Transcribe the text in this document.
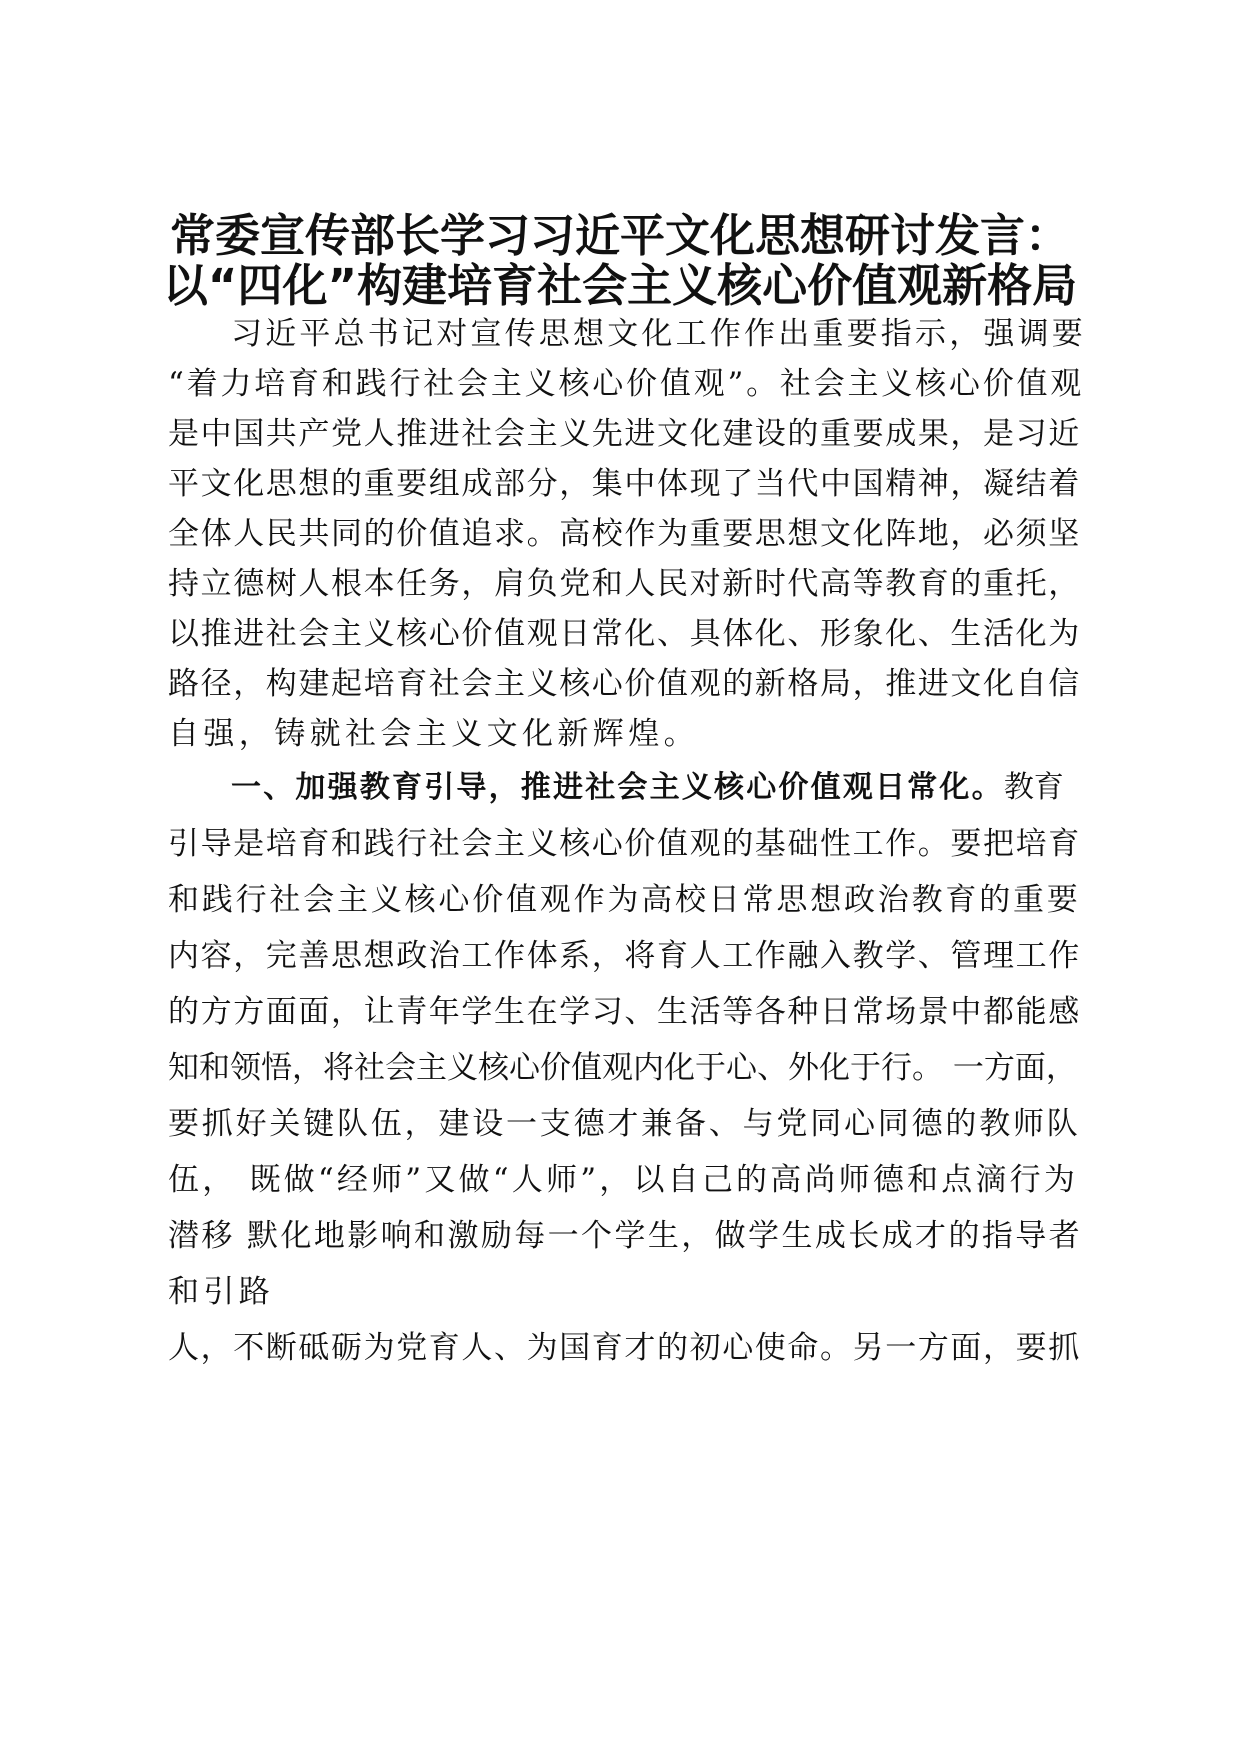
常委宣传部长学习习近平文化思想研讨发言：
以“四化”构建培育社会主义核心价值观新格局

习近平总书记对宣传思想文化工作作出重要指示，强调要

“着力培育和践行社会主义核心价值观”。社会主义核心价值观

是中国共产党人推进社会主义先进文化建设的重要成果，是习近

平文化思想的重要组成部分，集中体现了当代中国精神，凝结着

全体人民共同的价值追求。高校作为重要思想文化阵地，必须坚

持立德树人根本任务，肩负党和人民对新时代高等教育的重托，

以推进社会主义核心价值观日常化、具体化、形象化、生活化为

路径，构建起培育社会主义核心价值观的新格局，推进文化自信

自强，铸就社会主义文化新辉煌。

一、加强教育引导，推进社会主义核心价值观日常化。教育

引导是培育和践行社会主义核心价值观的基础性工作。要把培育

和践行社会主义核心价值观作为高校日常思想政治教育的重要

内容，完善思想政治工作体系，将育人工作融入教学、管理工作

的方方面面，让青年学生在学习、生活等各种日常场景中都能感

知和领悟，将社会主义核心价值观内化于心、外化于行。 一方面，

要抓好关键队伍，建设一支德才兼备、与党同心同德的教师队

伍， 既做“经师”又做“人师”，以自己的高尚师德和点滴行为

潜移 默化地影响和激励每一个学生，做学生成长成才的指导者

和引路

人，不断砥砺为党育人、为国育才的初心使命。另一方面，要抓
